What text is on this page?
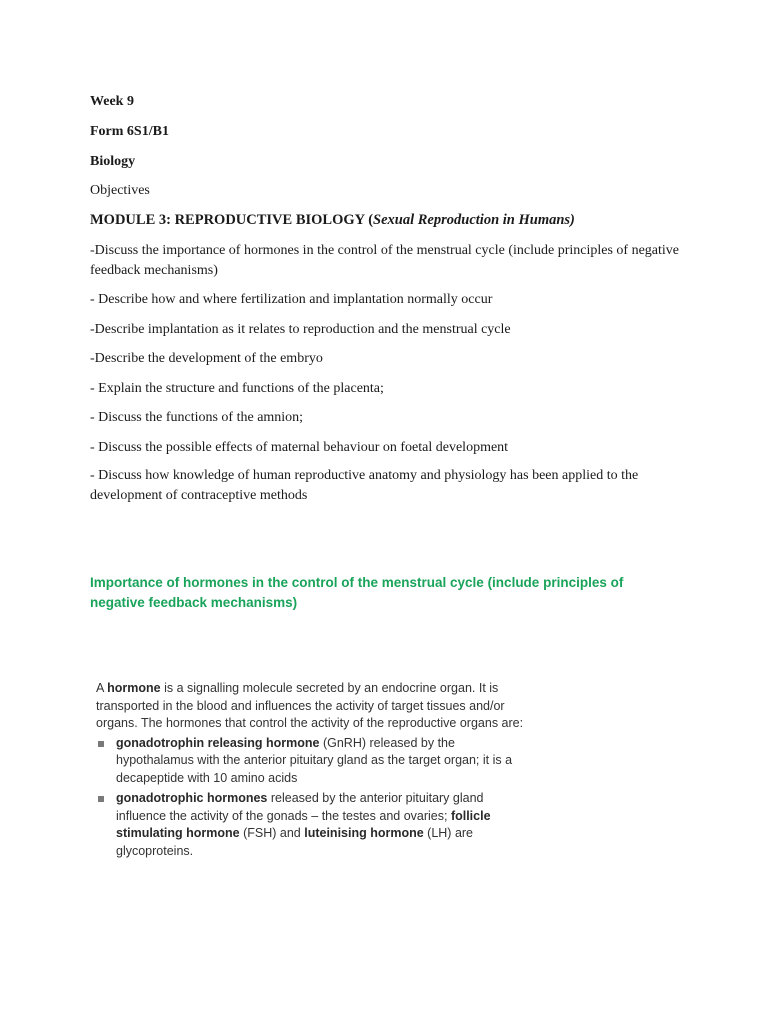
Week 9
Form 6S1/B1
Biology
Objectives
MODULE 3: REPRODUCTIVE BIOLOGY (Sexual Reproduction in Humans)
-Discuss the importance of hormones in the control of the menstrual cycle (include principles of negative feedback mechanisms)
- Describe how and where fertilization and implantation normally occur
-Describe implantation as it relates to reproduction and the menstrual cycle
-Describe the development of the embryo
- Explain the structure and functions of the placenta;
- Discuss the functions of the amnion;
- Discuss the possible effects of maternal behaviour on foetal development
- Discuss how knowledge of human reproductive anatomy and physiology has been applied to the development of contraceptive methods
Importance of hormones in the control of the menstrual cycle (include principles of negative feedback mechanisms)

A hormone is a signalling molecule secreted by an endocrine organ. It is transported in the blood and influences the activity of target tissues and/or organs. The hormones that control the activity of the reproductive organs are:

gonadotrophin releasing hormone (GnRH) released by the hypothalamus with the anterior pituitary gland as the target organ; it is a decapeptide with 10 amino acids
gonadotrophic hormones released by the anterior pituitary gland influence the activity of the gonads – the testes and ovaries; follicle stimulating hormone (FSH) and luteinising hormone (LH) are glycoproteins.
